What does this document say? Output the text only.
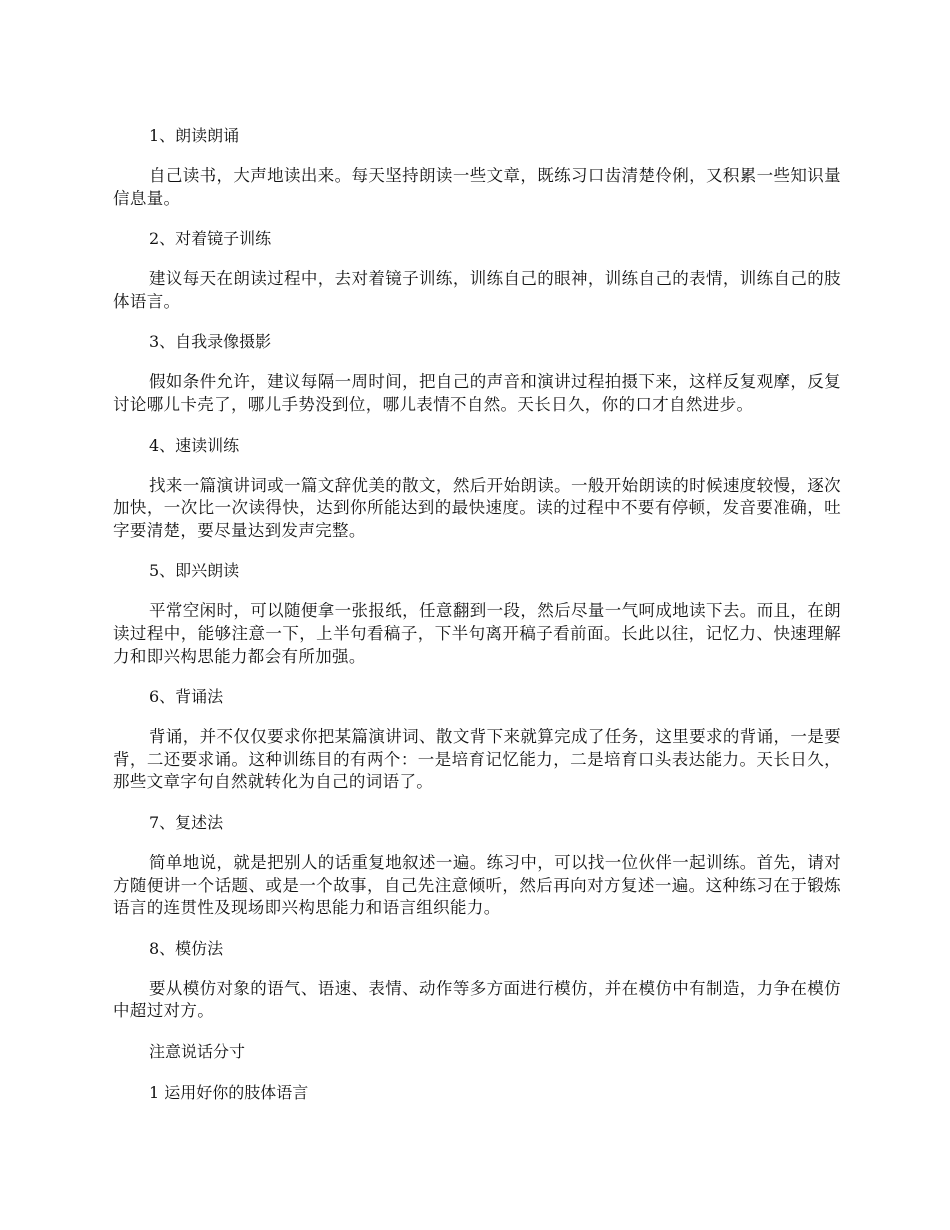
1、朗读朗诵

自己读书，大声地读出来。每天坚持朗读一些文章，既练习口齿清楚伶俐，又积累一些知识量信息量。

2、对着镜子训练

建议每天在朗读过程中，去对着镜子训练，训练自己的眼神，训练自己的表情，训练自己的肢体语言。

3、自我录像摄影

假如条件允许，建议每隔一周时间，把自己的声音和演讲过程拍摄下来，这样反复观摩，反复讨论哪儿卡壳了，哪儿手势没到位，哪儿表情不自然。天长日久，你的口才自然进步。

4、速读训练

找来一篇演讲词或一篇文辞优美的散文，然后开始朗读。一般开始朗读的时候速度较慢，逐次加快，一次比一次读得快，达到你所能达到的最快速度。读的过程中不要有停顿，发音要准确，吐字要清楚，要尽量达到发声完整。

5、即兴朗读

平常空闲时，可以随便拿一张报纸，任意翻到一段，然后尽量一气呵成地读下去。而且，在朗读过程中，能够注意一下，上半句看稿子，下半句离开稿子看前面。长此以往，记忆力、快速理解力和即兴构思能力都会有所加强。

6、背诵法

背诵，并不仅仅要求你把某篇演讲词、散文背下来就算完成了任务，这里要求的背诵，一是要背，二还要求诵。这种训练目的有两个：一是培育记忆能力，二是培育口头表达能力。天长日久，那些文章字句自然就转化为自己的词语了。

7、复述法

简单地说，就是把别人的话重复地叙述一遍。练习中，可以找一位伙伴一起训练。首先，请对方随便讲一个话题、或是一个故事，自己先注意倾听，然后再向对方复述一遍。这种练习在于锻炼语言的连贯性及现场即兴构思能力和语言组织能力。

8、模仿法

要从模仿对象的语气、语速、表情、动作等多方面进行模仿，并在模仿中有制造，力争在模仿中超过对方。

注意说话分寸
1 运用好你的肢体语言
